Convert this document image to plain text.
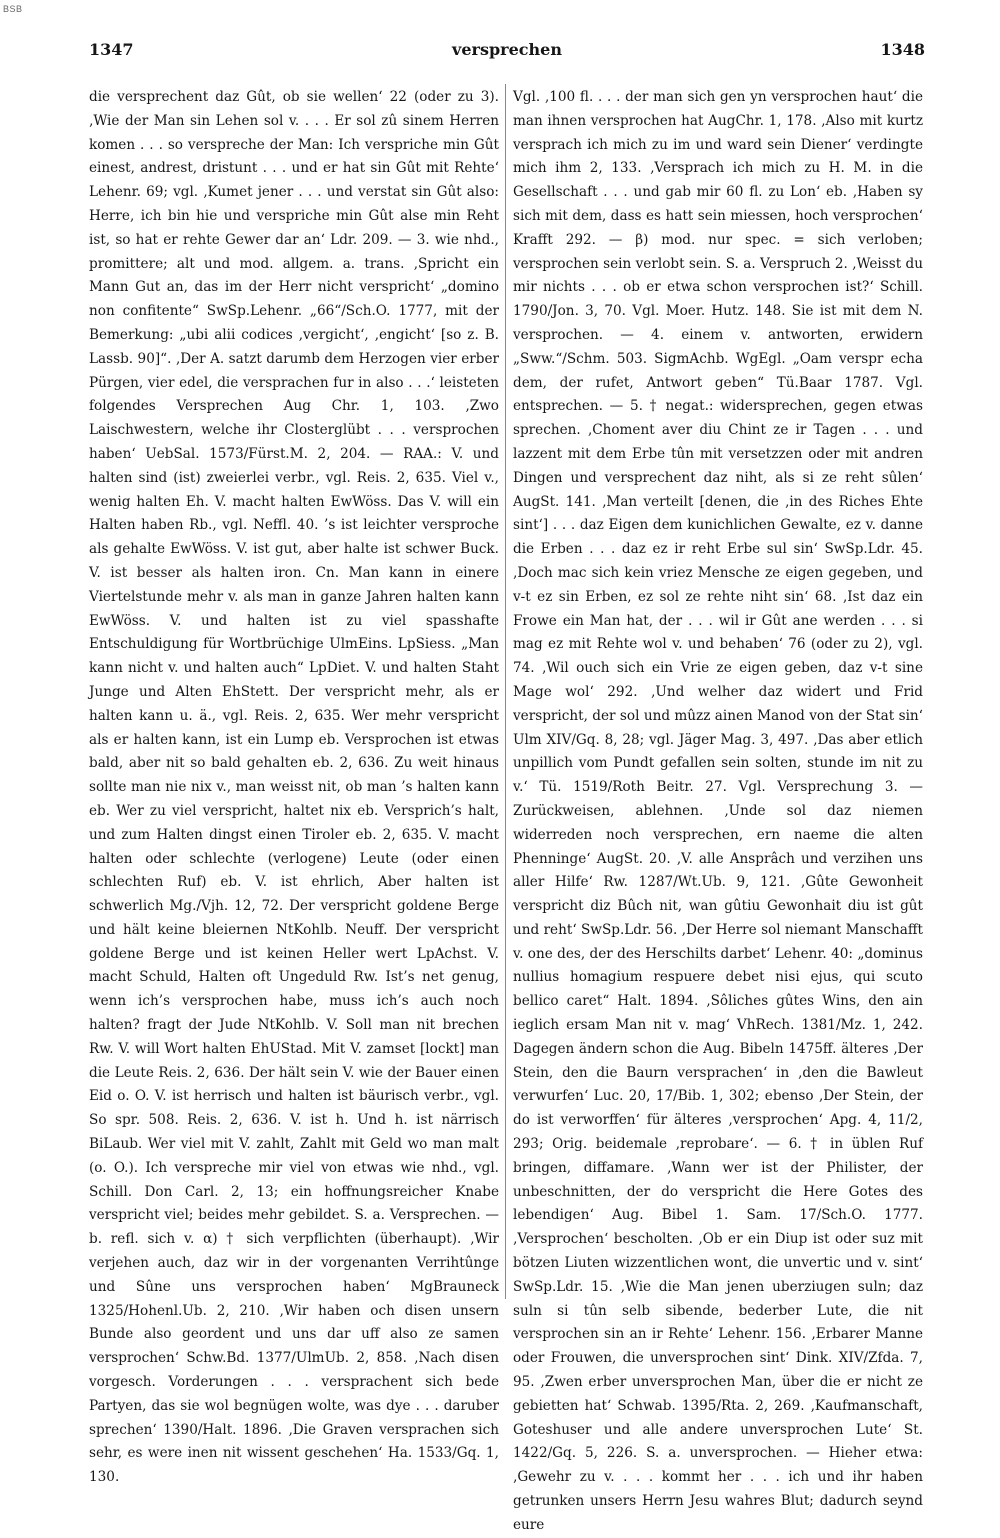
BSB
1347	versprechen	1348

die versprechent daz Gût, ob sie wellen‘ 22 (oder zu 3). ‚Wie der Man sin Lehen sol v. . . . Er sol zû sinem Herren komen . . . so verspreche der Man: Ich verspriche min Gût einest, andrest, dristunt . . . und er hat sin Gût mit Rehte‘ Lehenr. 69; vgl. ‚Kumet jener . . . und verstat sin Gût also: Herre, ich bin hie und verspriche min Gût alse min Reht ist, so hat er rehte Gewer dar an‘ Ldr. 209. — 3. wie nhd., promittere; alt und mod. allgem. a. trans. ‚Spricht ein Mann Gut an, das im der Herr nicht verspricht‘ „domino non confitente“ SwSp.Lehenr. „66“/Sch.O. 1777, mit der Bemerkung: „ubi alii codices ‚vergicht‘, ‚engicht‘ [so z. B. Lassb. 90]“. ‚Der A. satzt darumb dem Herzogen vier erber Pürgen, vier edel, die versprachen fur in also . . .‘ leisteten folgendes Versprechen Aug Chr. 1, 103. ‚Zwo Laischwestern, welche ihr Closterglübt . . . versprochen haben‘ UebSal. 1573/Fürst.M. 2, 204. — RAA.: V. und halten sind (ist) zweierlei verbr., vgl. Reis. 2, 635. Viel v., wenig halten Eh. V. macht halten EwWöss. Das V. will ein Halten haben Rb., vgl. Neffl. 40. ’s ist leichter versproche als gehalte EwWöss. V. ist gut, aber halte ist schwer Buck. V. ist besser als halten iron. Cn. Man kann in einere Viertelstunde mehr v. als man in ganze Jahren halten kann EwWöss. V. und halten ist zu viel spasshafte Entschuldigung für Wortbrüchige UlmEins. LpSiess. „Man kann nicht v. und halten auch“ LpDiet. V. und halten Staht Junge und Alten EhStett. Der verspricht mehr, als er halten kann u. ä., vgl. Reis. 2, 635. Wer mehr verspricht als er halten kann, ist ein Lump eb. Versprochen ist etwas bald, aber nit so bald gehalten eb. 2, 636. Zu weit hinaus sollte man nie nix v., man weisst nit, ob man ’s halten kann eb. Wer zu viel verspricht, haltet nix eb. Versprich’s halt, und zum Halten dingst einen Tiroler eb. 2, 635. V. macht halten oder schlechte (verlogene) Leute (oder einen schlechten Ruf) eb. V. ist ehrlich, Aber halten ist schwerlich Mg./Vjh. 12, 72. Der verspricht goldene Berge und hält keine bleiernen NtKohlb. Neuff. Der verspricht goldene Berge und ist keinen Heller wert LpAchst. V. macht Schuld, Halten oft Ungeduld Rw. Ist’s net genug, wenn ich’s versprochen habe, muss ich’s auch noch halten? fragt der Jude NtKohlb. V. Soll man nit brechen Rw. V. will Wort halten EhUStad. Mit V. zamset [lockt] man die Leute Reis. 2, 636. Der hält sein V. wie der Bauer einen Eid o. O. V. ist herrisch und halten ist bäurisch verbr., vgl. So spr. 508. Reis. 2, 636. V. ist h. Und h. ist närrisch BiLaub. Wer viel mit V. zahlt, Zahlt mit Geld wo man malt (o. O.). Ich verspreche mir viel von etwas wie nhd., vgl. Schill. Don Carl. 2, 13; ein hoffnungsreicher Knabe verspricht viel; beides mehr gebildet. S. a. Versprechen. — b. refl. sich v. α) † sich verpflichten (überhaupt). ‚Wir verjehen auch, daz wir in der vorgenanten Verrihtûnge und Sûne uns versprochen haben‘ MgBrauneck 1325/Hohenl.Ub. 2, 210. ‚Wir haben och disen unsern Bunde also geordent und uns dar uff also ze samen versprochen‘ Schw.Bd. 1377/UlmUb. 2, 858. ‚Nach disen vorgesch. Vorderungen . . . versprachent sich bede Partyen, das sie wol begnügen wolte, was dye . . . daruber sprechen‘ 1390/Halt. 1896. ‚Die Graven versprachen sich sehr, es were inen nit wissent geschehen‘ Ha. 1533/Gq. 1, 130.

Vgl. ‚100 fl. . . . der man sich gen yn versprochen haut‘ die man ihnen versprochen hat AugChr. 1, 178. ‚Also mit kurtz versprach ich mich zu im und ward sein Diener‘ verdingte mich ihm 2, 133. ‚Versprach ich mich zu H. M. in die Gesellschaft . . . und gab mir 60 fl. zu Lon‘ eb. ‚Haben sy sich mit dem, dass es hatt sein miessen, hoch versprochen‘ Krafft 292. — β) mod. nur spec. = sich verloben; versprochen sein verlobt sein. S. a. Verspruch 2. ‚Weisst du mir nichts . . . ob er etwa schon versprochen ist?‘ Schill. 1790/Jon. 3, 70. Vgl. Moer. Hutz. 148. Sie ist mit dem N. versprochen. — 4. einem v. antworten, erwidern „Sww.“/Schm. 503. SigmAchb. WgEgl. „Oam verspr echa dem, der rufet, Antwort geben“ Tü.Baar 1787. Vgl. entsprechen. — 5. † negat.: widersprechen, gegen etwas sprechen. ‚Choment aver diu Chint ze ir Tagen . . . und lazzent mit dem Erbe tûn mit versetzzen oder mit andren Dingen und versprechent daz niht, als si ze reht sûlen‘ AugSt. 141. ‚Man verteilt [denen, die ‚in des Riches Ehte sint‘] . . . daz Eigen dem kunichlichen Gewalte, ez v. danne die Erben . . . daz ez ir reht Erbe sul sin‘ SwSp.Ldr. 45. ‚Doch mac sich kein vriez Mensche ze eigen gegeben, und v-t ez sin Erben, ez sol ze rehte niht sin‘ 68. ‚Ist daz ein Frowe ein Man hat, der . . . wil ir Gût ane werden . . . si mag ez mit Rehte wol v. und behaben‘ 76 (oder zu 2), vgl. 74. ‚Wil ouch sich ein Vrie ze eigen geben, daz v-t sine Mage wol‘ 292. ‚Und welher daz widert und Frid verspricht, der sol und mûzz ainen Manod von der Stat sin‘ Ulm XIV/Gq. 8, 28; vgl. Jäger Mag. 3, 497. ‚Das aber etlich unpillich vom Pundt gefallen sein solten, stunde im nit zu v.‘ Tü. 1519/Roth Beitr. 27. Vgl. Versprechung 3. — Zurückweisen, ablehnen. ‚Unde sol daz niemen widerreden noch versprechen, ern naeme die alten Phenninge‘ AugSt. 20. ‚V. alle Ansprâch und verzihen uns aller Hilfe‘ Rw. 1287/Wt.Ub. 9, 121. ‚Gûte Gewonheit verspricht diz Bûch nit, wan gûtiu Gewonhait diu ist gût und reht‘ SwSp.Ldr. 56. ‚Der Herre sol niemant Manschafft v. one des, der des Herschilts darbet‘ Lehenr. 40: „dominus nullius homagium respuere debet nisi ejus, qui scuto bellico caret“ Halt. 1894. ‚Sôliches gûtes Wins, den ain ieglich ersam Man nit v. mag‘ VhRech. 1381/Mz. 1, 242. Dagegen ändern schon die Aug. Bibeln 1475ff. älteres ‚Der Stein, den die Baurn versprachen‘ in ‚den die Bawleut verwurfen‘ Luc. 20, 17/Bib. 1, 302; ebenso ‚Der Stein, der do ist verworffen‘ für älteres ‚versprochen‘ Apg. 4, 11/2, 293; Orig. beidemale ‚reprobare‘. — 6. † in üblen Ruf bringen, diffamare. ‚Wann wer ist der Philister, der unbeschnitten, der do verspricht die Here Gotes des lebendigen‘ Aug. Bibel 1. Sam. 17/Sch.O. 1777. ‚Versprochen‘ bescholten. ‚Ob er ein Diup ist oder suz mit bötzen Liuten wizzentlichen wont, die unvertic und v. sint‘ SwSp.Ldr. 15. ‚Wie die Man jenen uberziugen suln; daz suln si tûn selb sibende, bederber Lute, die nit versprochen sin an ir Rehte‘ Lehenr. 156. ‚Erbarer Manne oder Frouwen, die unversprochen sint‘ Dink. XIV/Zfda. 7, 95. ‚Zwen erber unversprochen Man, über die er nicht ze gebietten hat‘ Schwab. 1395/Rta. 2, 269. ‚Kaufmanschaft, Goteshuser und alle andere unversprochen Lute‘ St. 1422/Gq. 5, 226. S. a. unversprochen. — Hieher etwa: ‚Gewehr zu v. . . . kommt her . . . ich und ihr haben getrunken unsers Herrn Jesu wahres Blut; dadurch seynd eure
